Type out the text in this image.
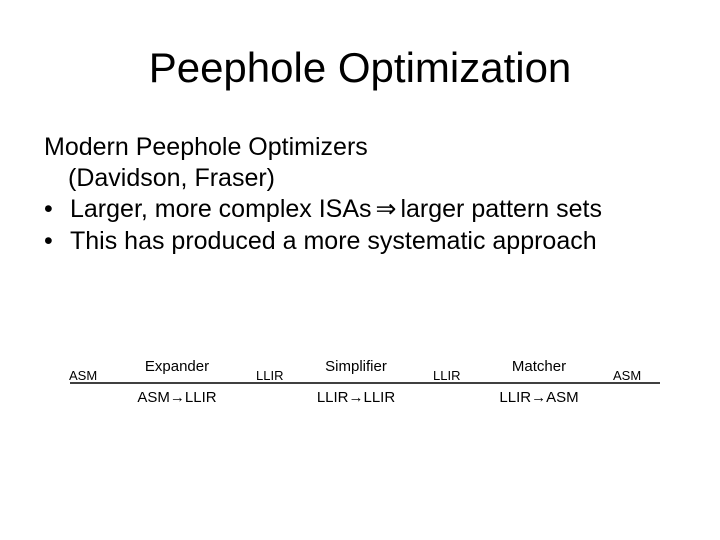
Peephole Optimization
Modern Peephole Optimizers
(Davidson, Fraser)
• Larger, more complex ISAs ⇒ larger pattern sets
• This has produced a more systematic approach
ASM
Expander
ASM→LLIR
LLIR
Simplifier
LLIR→LLIR
LLIR
Matcher
LLIR→ASM
ASM
